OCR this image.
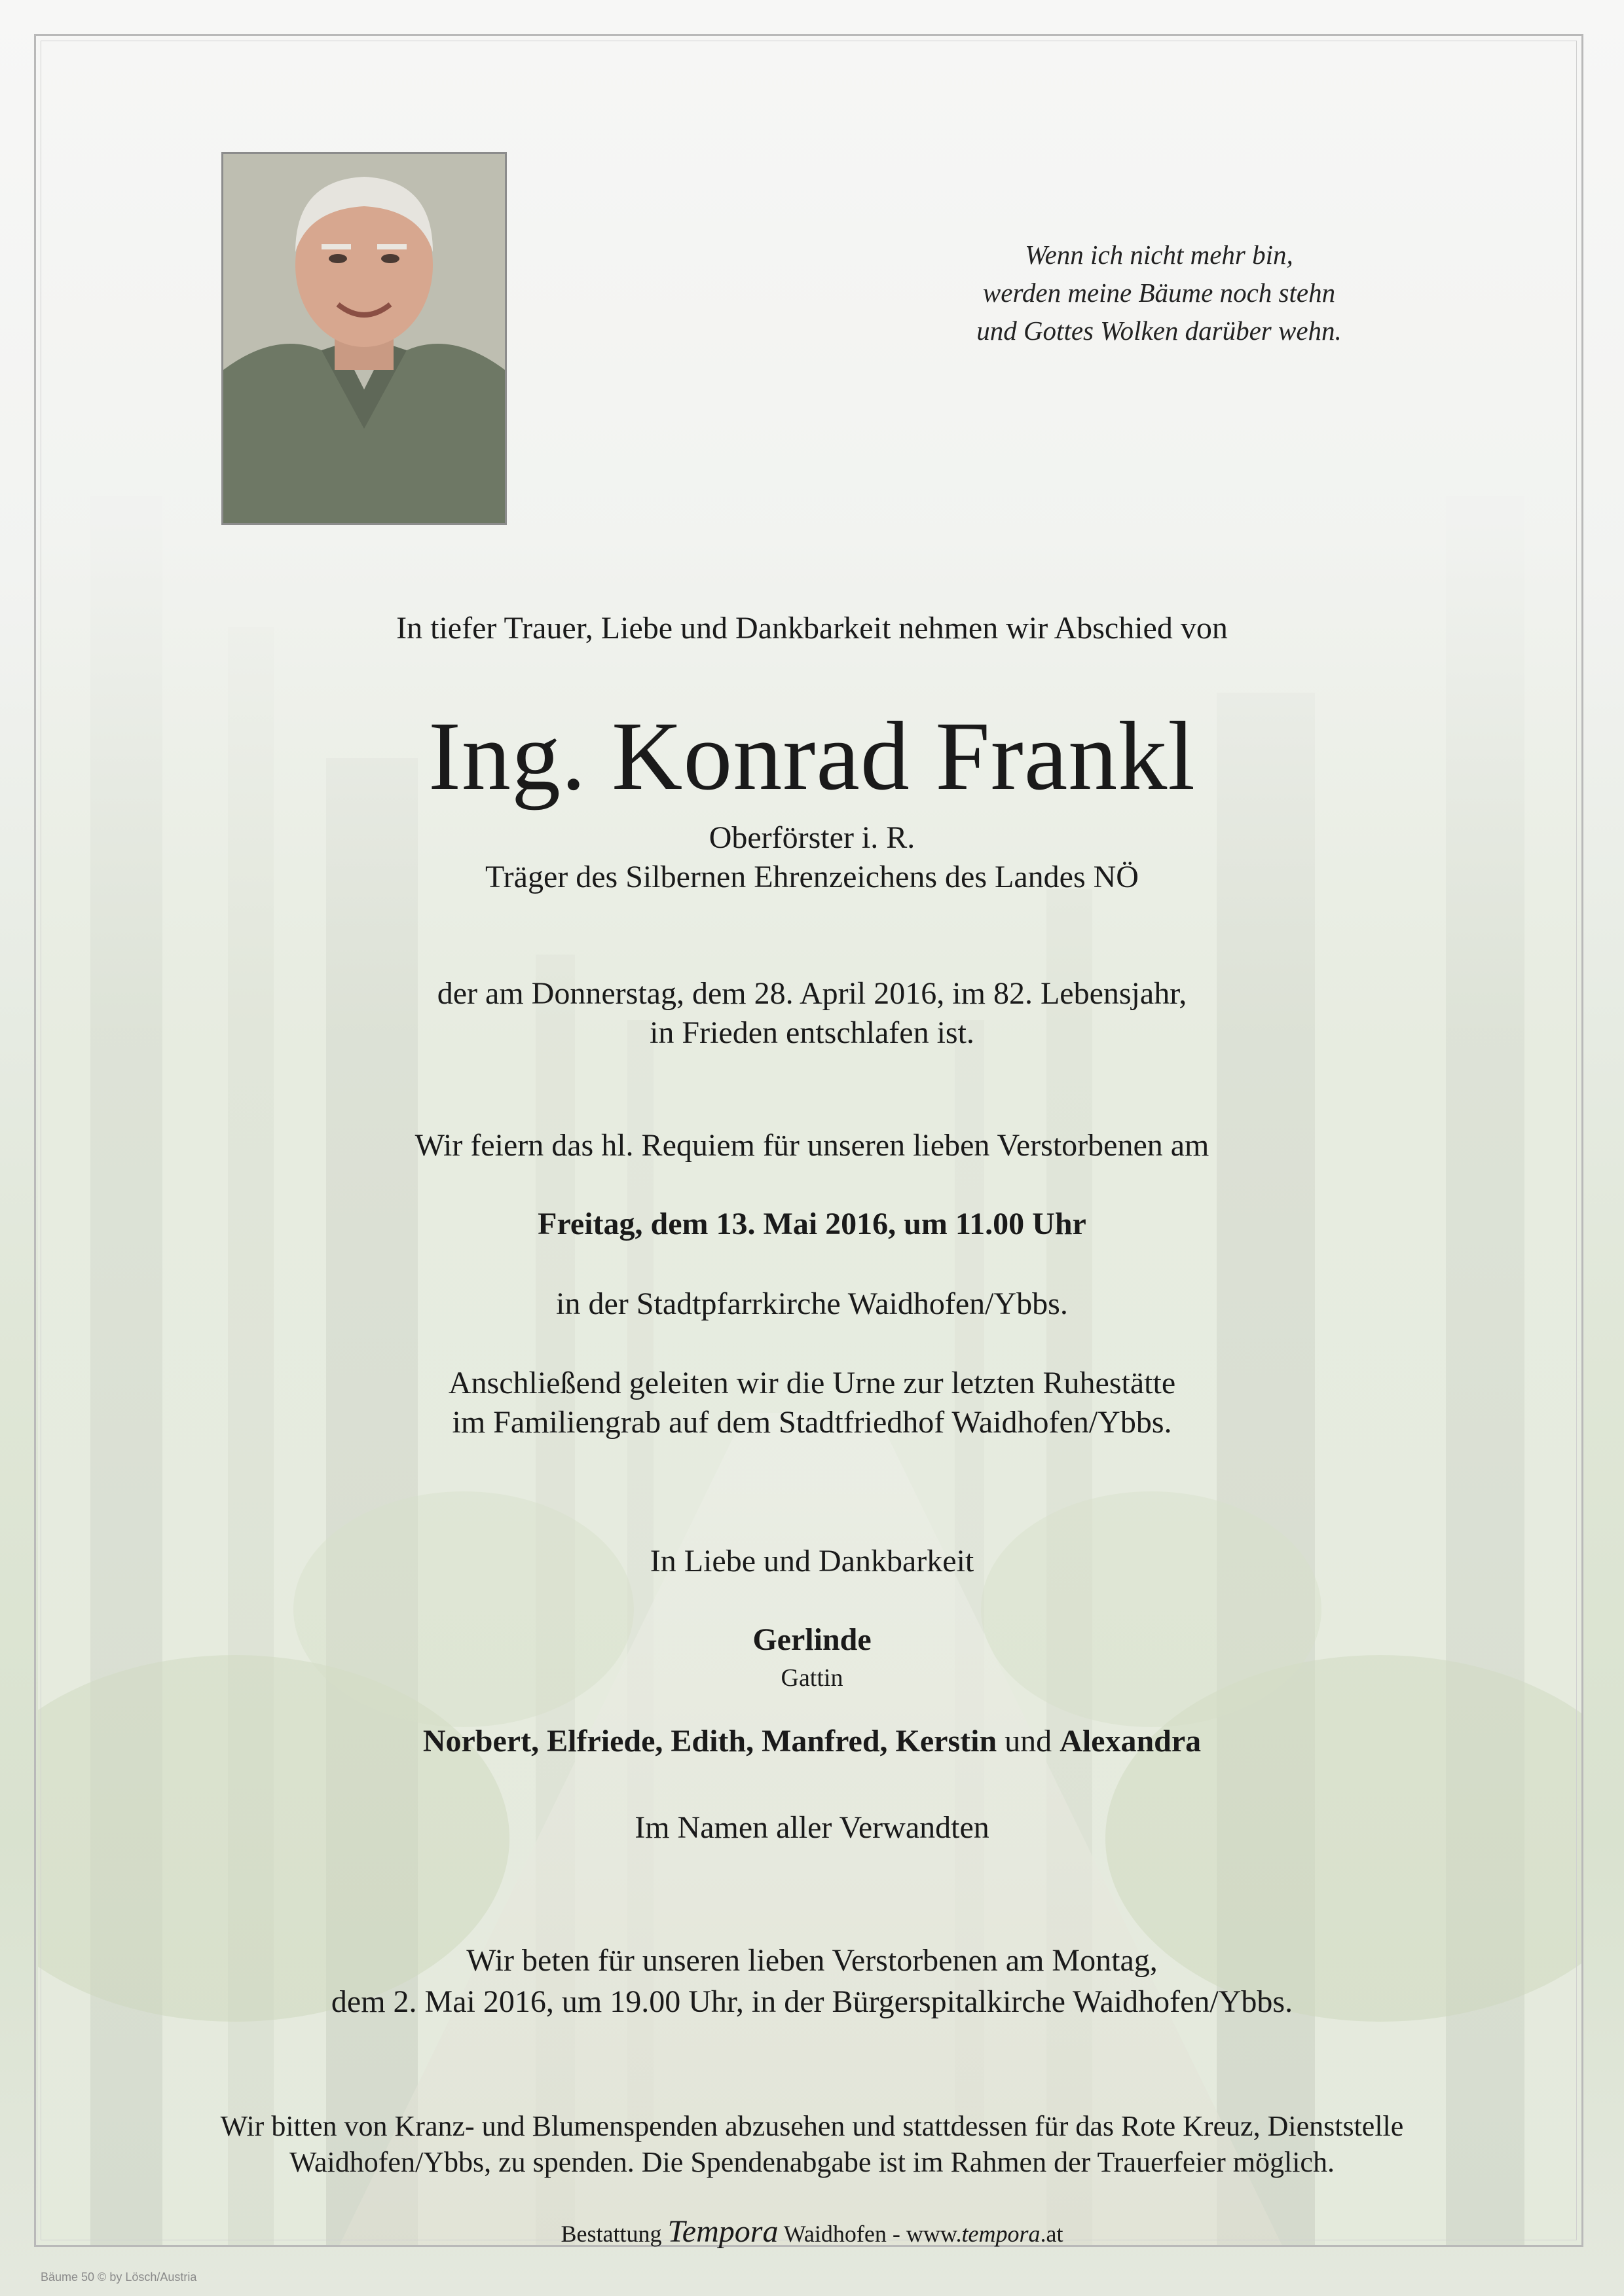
Wenn ich nicht mehr bin,
werden meine Bäume noch stehn
und Gottes Wolken darüber wehn.
In tiefer Trauer, Liebe und Dankbarkeit nehmen wir Abschied von
Ing. Konrad Frankl
Oberförster i. R.
Träger des Silbernen Ehrenzeichens des Landes NÖ
der am Donnerstag, dem 28. April 2016, im 82. Lebensjahr,
in Frieden entschlafen ist.
Wir feiern das hl. Requiem für unseren lieben Verstorbenen am
Freitag, dem 13. Mai 2016, um 11.00 Uhr
in der Stadtpfarrkirche Waidhofen/Ybbs.
Anschließend geleiten wir die Urne zur letzten Ruhestätte
im Familiengrab auf dem Stadtfriedhof Waidhofen/Ybbs.
In Liebe und Dankbarkeit
Gerlinde
Gattin
Norbert, Elfriede, Edith, Manfred, Kerstin und Alexandra
Im Namen aller Verwandten
Wir beten für unseren lieben Verstorbenen am Montag,
dem 2. Mai 2016, um 19.00 Uhr, in der Bürgerspitalkirche Waidhofen/Ybbs.
Wir bitten von Kranz- und Blumenspenden abzusehen und stattdessen für das Rote Kreuz, Dienststelle
Waidhofen/Ybbs, zu spenden. Die Spendenabgabe ist im Rahmen der Trauerfeier möglich.
Bestattung Tempora Waidhofen - www.tempora.at
Bäume 50 © by Lösch/Austria
